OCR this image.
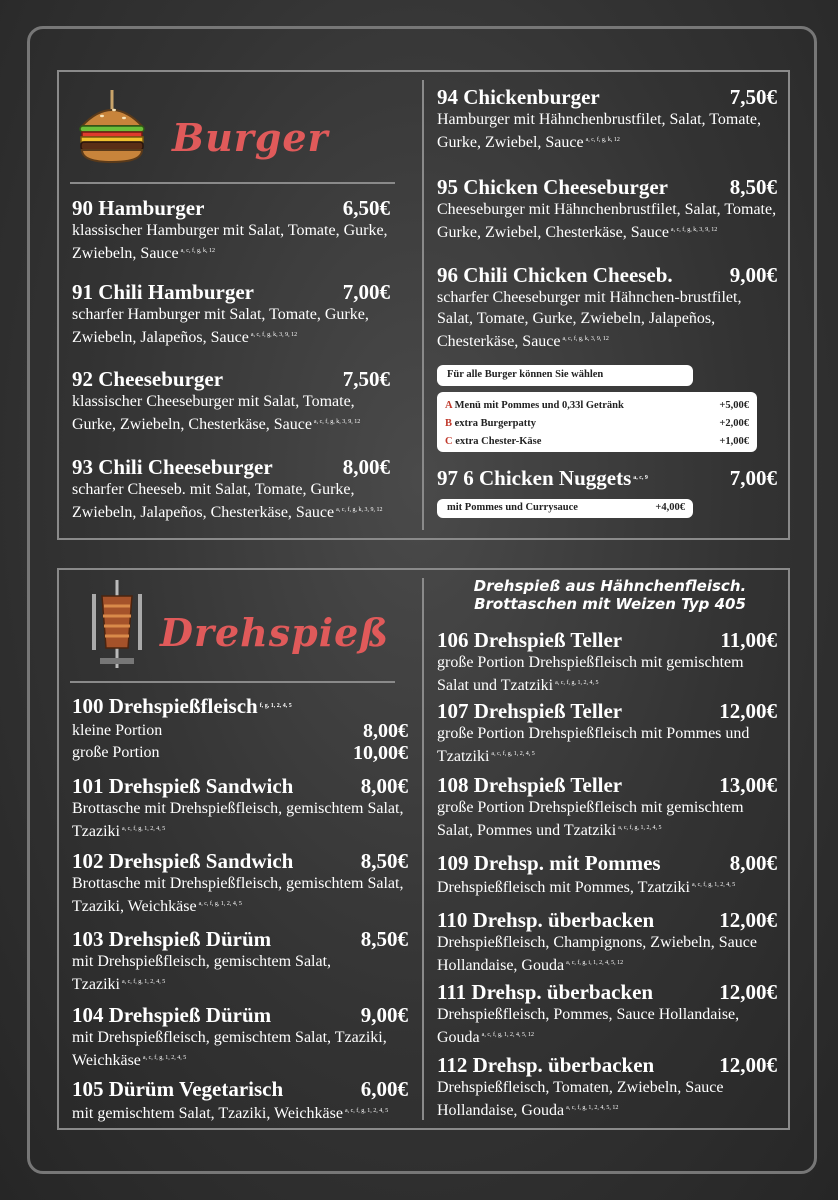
Burger
90 Hamburger	6,50€
klassischer Hamburger mit Salat, Tomate, Gurke, Zwiebeln, Sauce $^{a, c, f, g, k, 12}$
91 Chili Hamburger	7,00€
scharfer Hamburger mit Salat, Tomate, Gurke, Zwiebeln, Jalapeños, Sauce $^{a, c, f, g, k, 3, 9, 12}$
92 Cheeseburger	7,50€
klassischer Cheeseburger mit Salat, Tomate, Gurke, Zwiebeln, Chesterkäse, Sauce $^{a, c, f, g, k, 3, 9, 12}$
93 Chili Cheeseburger	8,00€
scharfer Cheeseb. mit Salat, Tomate, Gurke, Zwiebeln, Jalapeños, Chesterkäse, Sauce $^{a, c, f, g, k, 3, 9, 12}$
94 Chickenburger	7,50€
Hamburger mit Hähnchenbrustfilet, Salat, Tomate, Gurke, Zwiebel, Sauce $^{a, c, f, g, k, 12}$
95 Chicken Cheeseburger	8,50€
Cheeseburger mit Hähnchenbrustfilet, Salat, Tomate, Gurke, Zwiebel, Chesterkäse, Sauce $^{a, c, f, g, k, 3, 9, 12}$
96 Chili Chicken Cheeseb.	9,00€
scharfer Cheeseburger mit Hähnchen-brustfilet, Salat, Tomate, Gurke, Zwiebeln, Jalapeños, Chesterkäse, Sauce $^{a, c, f, g, k, 3, 9, 12}$
Für alle Burger können Sie wählen
A Menü mit Pommes und 0,33l Getränk	+5,00€
B extra Burgerpatty	+2,00€
C extra Chester-Käse	+1,00€
97 6 Chicken Nuggets $^{a, c, 9}$	7,00€
mit Pommes und Currysauce	+4,00€
Drehspieß
Drehspieß aus Hähnchenfleisch.
Brottaschen mit Weizen Typ 405
100 Drehspießfleisch $^{f, g, 1, 2, 4, 5}$
kleine Portion	8,00€
große Portion	10,00€
101 Drehspieß Sandwich	8,00€
Brottasche mit Drehspießfleisch, gemischtem Salat, Tzaziki $^{a, c, f, g, 1, 2, 4, 5}$
102 Drehspieß Sandwich	8,50€
Brottasche mit Drehspießfleisch, gemischtem Salat, Tzaziki, Weichkäse $^{a, c, f, g, 1, 2, 4, 5}$
103 Drehspieß Dürüm	8,50€
mit Drehspießfleisch, gemischtem Salat, Tzaziki $^{a, c, f, g, 1, 2, 4, 5}$
104 Drehspieß Dürüm	9,00€
mit Drehspießfleisch, gemischtem Salat, Tzaziki, Weichkäse $^{a, c, f, g, 1, 2, 4, 5}$
105 Dürüm Vegetarisch	6,00€
mit gemischtem Salat, Tzaziki, Weichkäse $^{a, c, f, g, 1, 2, 4, 5}$
106 Drehspieß Teller	11,00€
große Portion Drehspießfleisch mit gemischtem Salat und Tzatziki $^{a, c, f, g, 1, 2, 4, 5}$
107 Drehspieß Teller	12,00€
große Portion Drehspießfleisch mit Pommes und Tzatziki $^{a, c, f, g, 1, 2, 4, 5}$
108 Drehspieß Teller	13,00€
große Portion Drehspießfleisch mit gemischtem Salat, Pommes und Tzatziki $^{a, c, f, g, 1, 2, 4, 5}$
109 Drehsp. mit Pommes	8,00€
Drehspießfleisch mit Pommes, Tzatziki $^{a, c, f, g, 1, 2, 4, 5}$
110 Drehsp. überbacken	12,00€
Drehspießfleisch, Champignons, Zwiebeln, Sauce Hollandaise, Gouda $^{a, c, f, g, i, 1, 2, 4, 5, 12}$
111 Drehsp. überbacken	12,00€
Drehspießfleisch, Pommes, Sauce Hollandaise, Gouda $^{a, c, f, g, 1, 2, 4, 5, 12}$
112 Drehsp. überbacken	12,00€
Drehspießfleisch, Tomaten, Zwiebeln, Sauce Hollandaise, Gouda $^{a, c, f, g, 1, 2, 4, 5, 12}$
